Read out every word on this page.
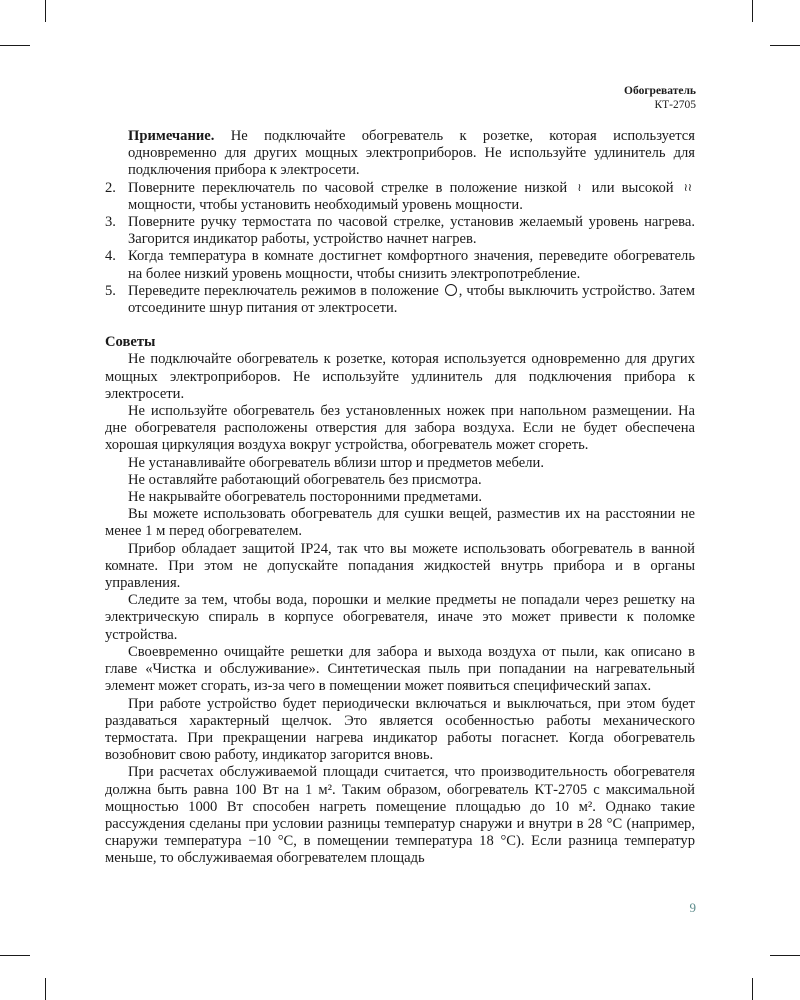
Обогреватель
КТ-2705

Примечание. Не подключайте обогреватель к розетке, которая используется одновременно для других мощных электроприборов. Не используйте удлинитель для подключения прибора к электросети.

2. Поверните переключатель по часовой стрелке в положение низкой ≀ или высокой ≀≀ мощности, чтобы установить необходимый уровень мощности.
3. Поверните ручку термостата по часовой стрелке, установив желаемый уровень нагрева. Загорится индикатор работы, устройство начнет нагрев.
4. Когда температура в комнате достигнет комфортного значения, переведите обогреватель на более низкий уровень мощности, чтобы снизить электропотребление.
5. Переведите переключатель режимов в положение , чтобы выключить устройство. Затем отсоедините шнур питания от электросети.
Советы

Не подключайте обогреватель к розетке, которая используется одновременно для других мощных электроприборов. Не используйте удлинитель для подключения прибора к электросети.

Не используйте обогреватель без установленных ножек при напольном размещении. На дне обогревателя расположены отверстия для забора воздуха. Если не будет обеспечена хорошая циркуляция воздуха вокруг устройства, обогреватель может сгореть.

Не устанавливайте обогреватель вблизи штор и предметов мебели.

Не оставляйте работающий обогреватель без присмотра.

Не накрывайте обогреватель посторонними предметами.

Вы можете использовать обогреватель для сушки вещей, разместив их на расстоянии не менее 1 м перед обогревателем.

Прибор обладает защитой IP24, так что вы можете использовать обогреватель в ванной комнате. При этом не допускайте попадания жидкостей внутрь прибора и в органы управления.

Следите за тем, чтобы вода, порошки и мелкие предметы не попадали через решетку на электрическую спираль в корпусе обогревателя, иначе это может привести к поломке устройства.

Своевременно очищайте решетки для забора и выхода воздуха от пыли, как описано в главе «Чистка и обслуживание». Синтетическая пыль при попадании на нагревательный элемент может сгорать, из-за чего в помещении может появиться специфический запах.

При работе устройство будет периодически включаться и выключаться, при этом будет раздаваться характерный щелчок. Это является особенностью работы механического термостата. При прекращении нагрева индикатор работы погаснет. Когда обогреватель возобновит свою работу, индикатор загорится вновь.

При расчетах обслуживаемой площади считается, что производительность обогревателя должна быть равна 100 Вт на 1 м². Таким образом, обогреватель КТ-2705 с максимальной мощностью 1000 Вт способен нагреть помещение площадью до 10 м². Однако такие рассуждения сделаны при условии разницы температур снаружи и внутри в 28 °C (например, снаружи температура −10 °C, в помещении температура 18 °C). Если разница температур меньше, то обслуживаемая обогревателем площадь

9
